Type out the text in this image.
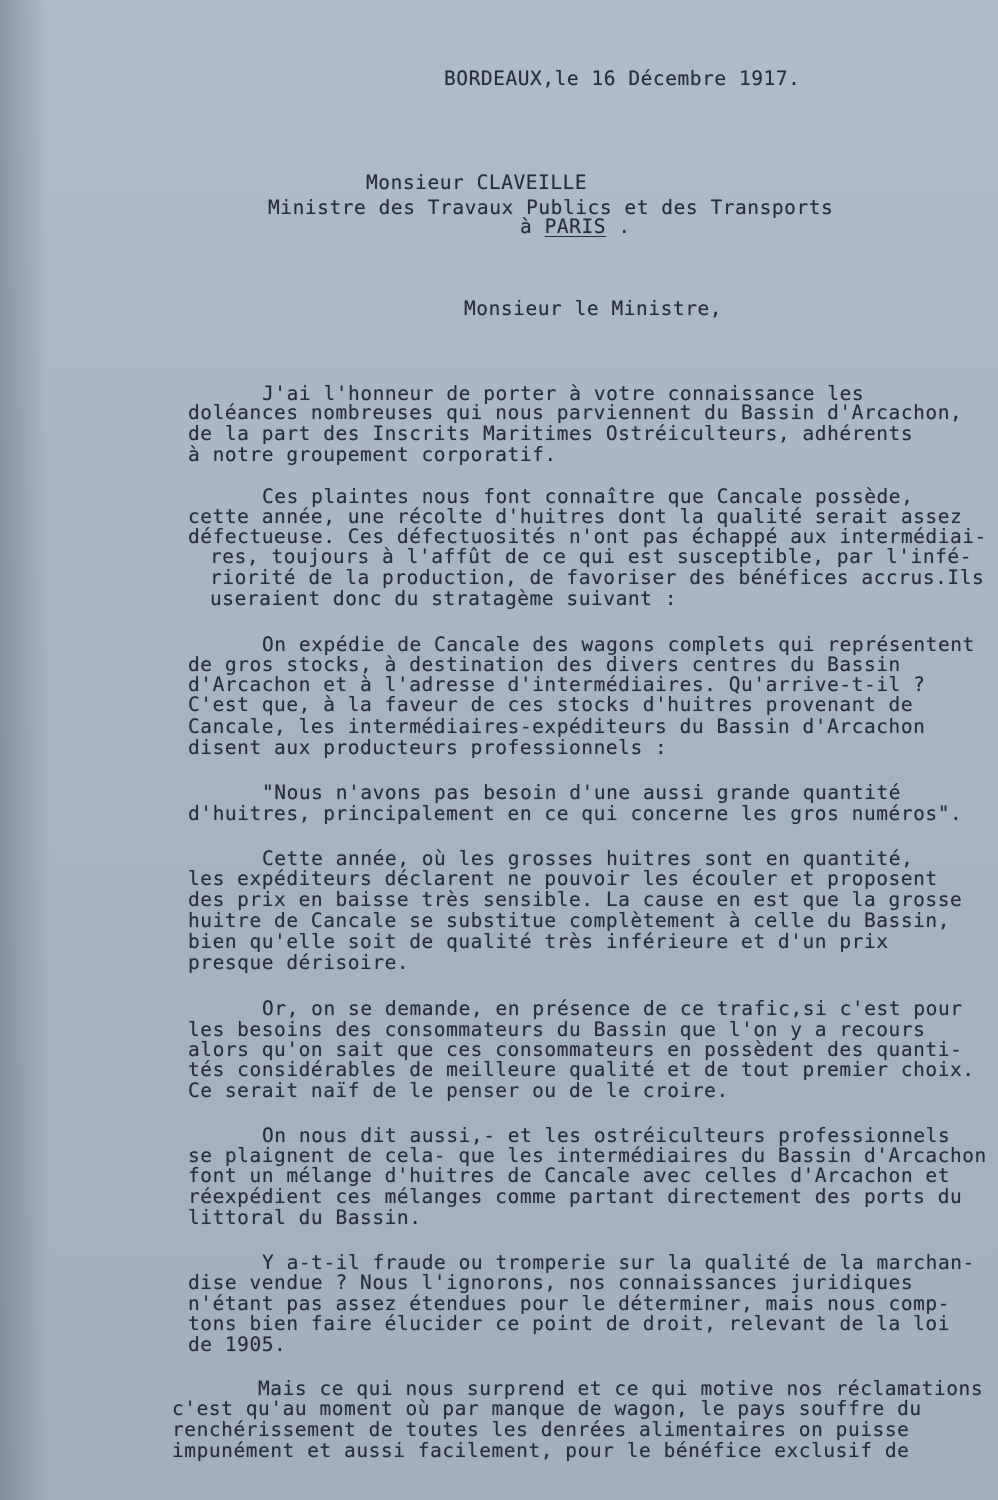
BORDEAUX,le 16 Décembre 1917.
Monsieur CLAVEILLE
Ministre des Travaux Publics et des Transports
à PARIS .
Monsieur le Ministre,
J'ai l'honneur de porter à votre connaissance les
doléances nombreuses qui nous parviennent du Bassin d'Arcachon,
de la part des Inscrits Maritimes Ostréiculteurs, adhérents
à notre groupement corporatif.
Ces plaintes nous font connaître que Cancale possède,
cette année, une récolte d'huitres dont la qualité serait assez
défectueuse. Ces défectuosités n'ont pas échappé aux intermédiai-
res, toujours à l'affût de ce qui est susceptible, par l'infé-
riorité de la production, de favoriser des bénéfices accrus.Ils
useraient donc du stratagème suivant :
On expédie de Cancale des wagons complets qui représentent
de gros stocks, à destination des divers centres du Bassin
d'Arcachon et à l'adresse d'intermédiaires. Qu'arrive-t-il ?
C'est que, à la faveur de ces stocks d'huitres provenant de
Cancale, les intermédiaires-expéditeurs du Bassin d'Arcachon
disent aux producteurs professionnels :
"Nous n'avons pas besoin d'une aussi grande quantité
d'huitres, principalement en ce qui concerne les gros numéros".
Cette année, où les grosses huitres sont en quantité,
les expéditeurs déclarent ne pouvoir les écouler et proposent
des prix en baisse très sensible. La cause en est que la grosse
huitre de Cancale se substitue complètement à celle du Bassin,
bien qu'elle soit de qualité très inférieure et d'un prix
presque dérisoire.
Or, on se demande, en présence de ce trafic,si c'est pour
les besoins des consommateurs du Bassin que l'on y a recours
alors qu'on sait que ces consommateurs en possèdent des quanti-
tés considérables de meilleure qualité et de tout premier choix.
Ce serait naïf de le penser ou de le croire.
On nous dit aussi,- et les ostréiculteurs professionnels
se plaignent de cela- que les intermédiaires du Bassin d'Arcachon
font un mélange d'huitres de Cancale avec celles d'Arcachon et
réexpédient ces mélanges comme partant directement des ports du
littoral du Bassin.
Y a-t-il fraude ou tromperie sur la qualité de la marchan-
dise vendue ? Nous l'ignorons, nos connaissances juridiques
n'étant pas assez étendues pour le déterminer, mais nous comp-
tons bien faire élucider ce point de droit, relevant de la loi
de 1905.
Mais ce qui nous surprend et ce qui motive nos réclamations
c'est qu'au moment où par manque de wagon, le pays souffre du
renchérissement de toutes les denrées alimentaires on puisse
impunément et aussi facilement, pour le bénéfice exclusif de
